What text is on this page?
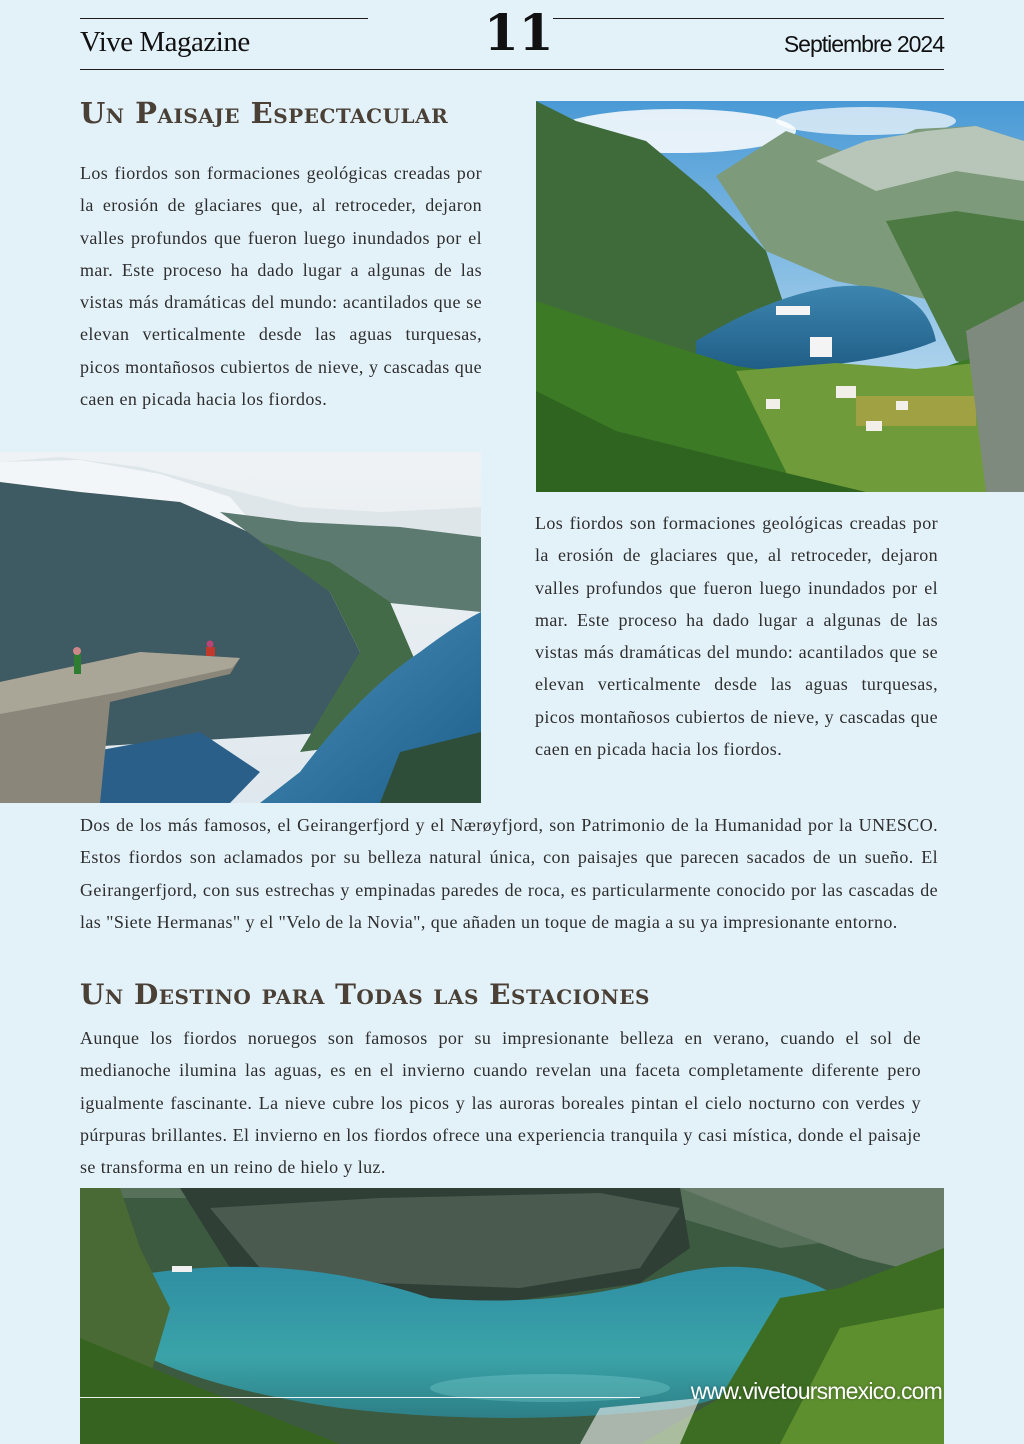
Vive Magazine	11	Septiembre 2024
Un Paisaje Espectacular

Los fiordos son formaciones geológicas creadas por la erosión de glaciares que, al retroceder, dejaron valles profundos que fueron luego inundados por el mar. Este proceso ha dado lugar a algunas de las vistas más dramáticas del mundo: acantilados que se elevan verticalmente desde las aguas turquesas, picos montañosos cubiertos de nieve, y cascadas que caen en picada hacia los fiordos.

Los fiordos son formaciones geológicas creadas por la erosión de glaciares que, al retroceder, dejaron valles profundos que fueron luego inundados por el mar. Este proceso ha dado lugar a algunas de las vistas más dramáticas del mundo: acantilados que se elevan verticalmente desde las aguas turquesas, picos montañosos cubiertos de nieve, y cascadas que caen en picada hacia los fiordos.

Dos de los más famosos, el Geirangerfjord y el Nærøyfjord, son Patrimonio de la Humanidad por la UNESCO. Estos fiordos son aclamados por su belleza natural única, con paisajes que parecen sacados de un sueño. El Geirangerfjord, con sus estrechas y empinadas paredes de roca, es particularmente conocido por las cascadas de las "Siete Hermanas" y el "Velo de la Novia", que añaden un toque de magia a su ya impresionante entorno.

Un Destino para Todas las Estaciones

Aunque los fiordos noruegos son famosos por su impresionante belleza en verano, cuando el sol de medianoche ilumina las aguas, es en el invierno cuando revelan una faceta completamente diferente pero igualmente fascinante. La nieve cubre los picos y las auroras boreales pintan el cielo nocturno con verdes y púrpuras brillantes. El invierno en los fiordos ofrece una experiencia tranquila y casi mística, donde el paisaje se transforma en un reino de hielo y luz.

www.vivetoursmexico.com
